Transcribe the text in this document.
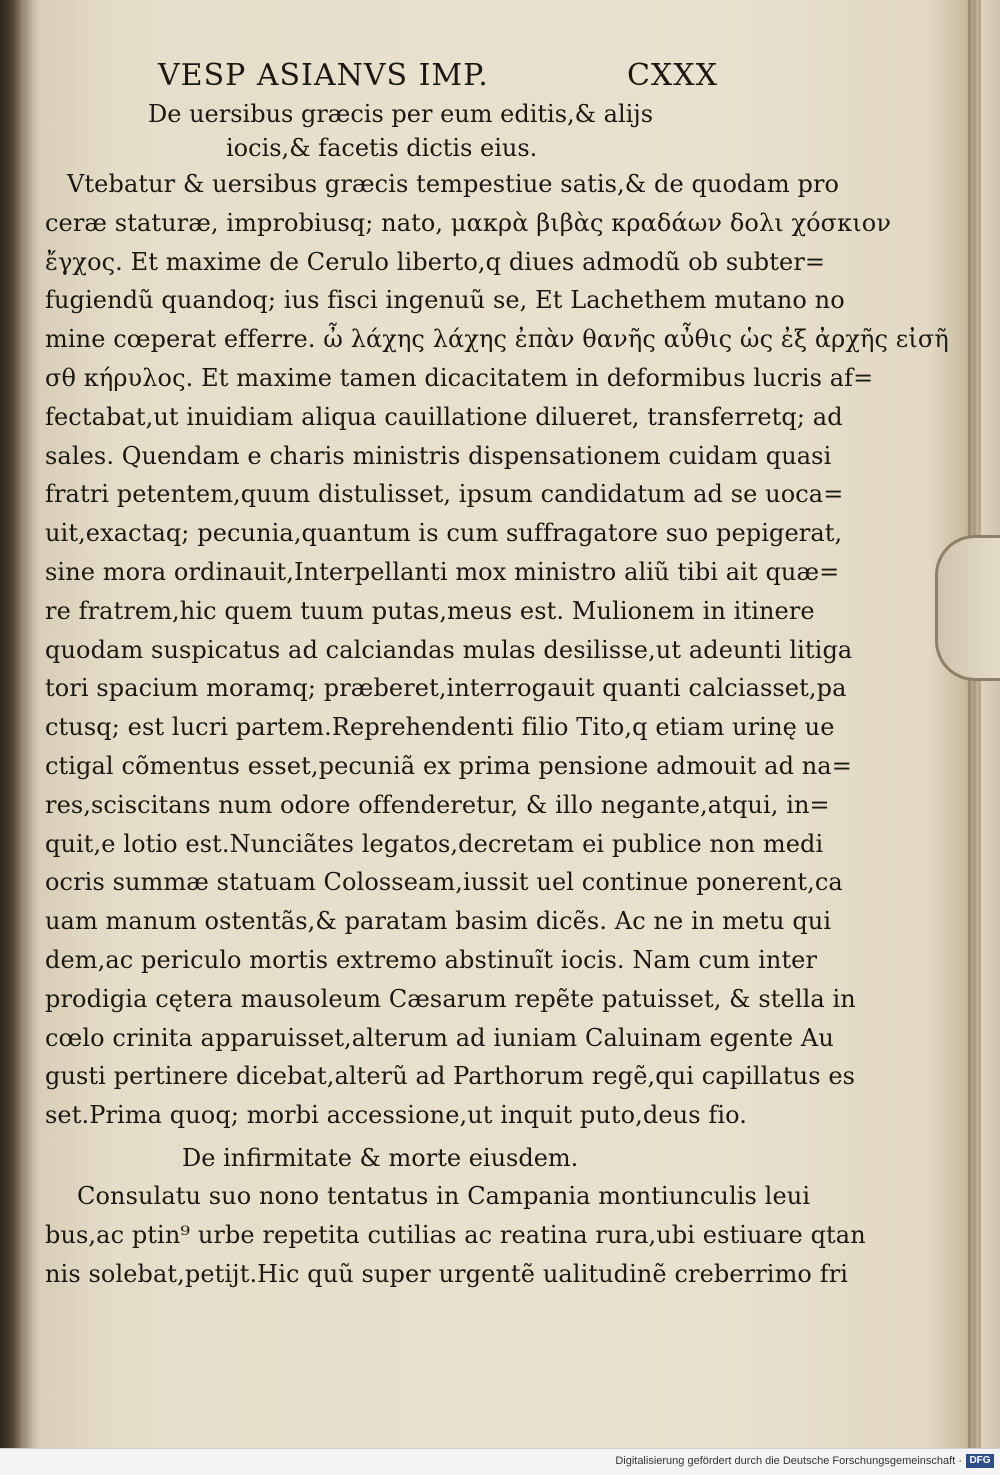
VESP ASIANVS IMP.	CXXX
De uersibus græcis per eum editis,& alijs
iocis,& facetis dictis eius.
Vtebatur & uersibus græcis tempestiue satis,& de quodam pro
ceræ staturæ, improbiusq; nato, μακρὰ βιβὰς κραδάων δολι χόσκιον
ἔγχος. Et maxime de Cerulo liberto,q diues admodũ ob subter=
fugiendũ quandoq; ius fisci ingenuũ se, Et Lachethem mutano no
mine cœperat efferre. ὦ λάχης λάχης ἐπὰν θανῆς αὖθις ὡς ἐξ ἀρχῆς εἰσῆ
σθ κήρυλος. Et maxime tamen dicacitatem in deformibus lucris af=
fectabat,ut inuidiam aliqua cauillatione dilueret, transferretq; ad
sales. Quendam e charis ministris dispensationem cuidam quasi
fratri petentem,quum distulisset, ipsum candidatum ad se uoca=
uit,exactaq; pecunia,quantum is cum suffragatore suo pepigerat,
sine mora ordinauit,Interpellanti mox ministro aliũ tibi ait quæ=
re fratrem,hic quem tuum putas,meus est. Mulionem in itinere
quodam suspicatus ad calciandas mulas desilisse,ut adeunti litiga
tori spacium moramq; præberet,interrogauit quanti calciasset,pa
ctusq; est lucri partem.Reprehendenti filio Tito,q etiam urinę ue
ctigal cõmentus esset,pecuniã ex prima pensione admouit ad na=
res,sciscitans num odore offenderetur, & illo negante,atqui, in=
quit,e lotio est.Nunciãtes legatos,decretam ei publice non medi
ocris summæ statuam Colosseam,iussit uel continue ponerent,ca
uam manum ostentãs,& paratam basim dicẽs. Ac ne in metu qui
dem,ac periculo mortis extremo abstinuĩt iocis. Nam cum inter
prodigia cętera mausoleum Cæsarum repẽte patuisset, & stella in
cœlo crinita apparuisset,alterum ad iuniam Caluinam egente Au
gusti pertinere dicebat,alterũ ad Parthorum regẽ,qui capillatus es
set.Prima quoq; morbi accessione,ut inquit puto,deus fio.
De infirmitate & morte eiusdem.
Consulatu suo nono tentatus in Campania montiunculis leui
bus,ac ptin⁹ urbe repetita cutilias ac reatina rura,ubi estiuare qtan
nis solebat,petijt.Hic quũ super urgentẽ ualitudinẽ creberrimo fri
Digitalisierung gefördert durch die Deutsche Forschungsgemeinschaft · DFG
